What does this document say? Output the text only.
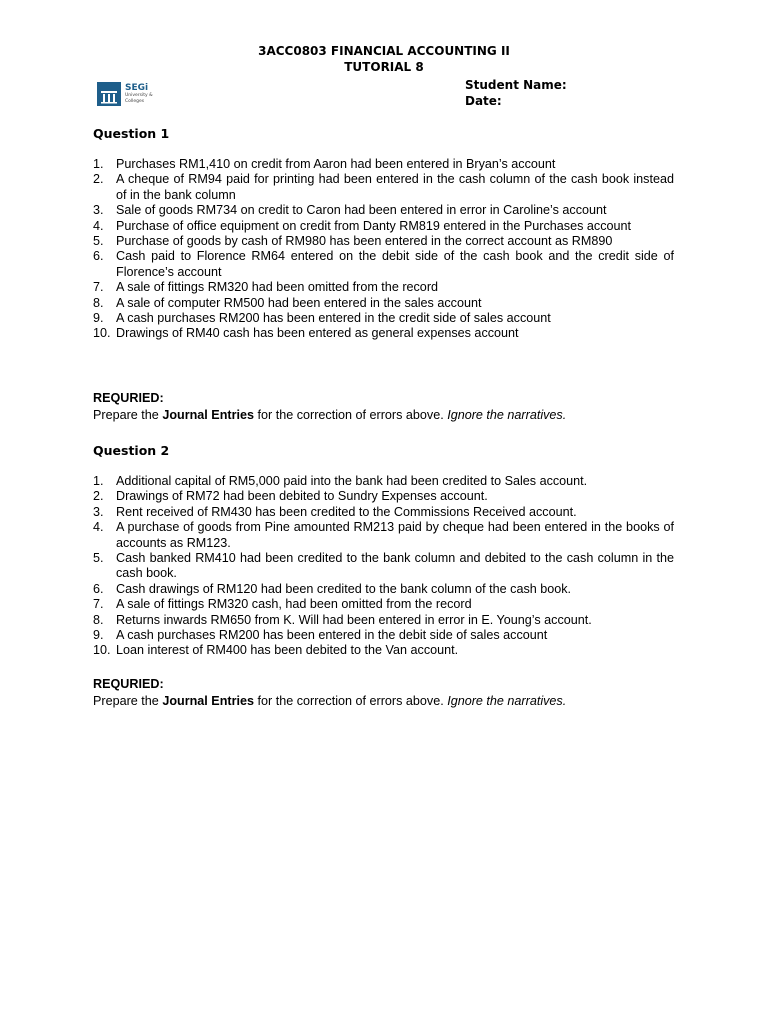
3ACC0803 FINANCIAL ACCOUNTING II
TUTORIAL 8
SEGi
University &
Colleges
Student Name:
Date:
Question 1
1. Purchases RM1,410 on credit from Aaron had been entered in Bryan’s account
2. A cheque of RM94 paid for printing had been entered in the cash column of the cash book instead of in the bank column
3. Sale of goods RM734 on credit to Caron had been entered in error in Caroline’s account
4. Purchase of office equipment on credit from Danty RM819 entered in the Purchases account
5. Purchase of goods by cash of RM980 has been entered in the correct account as RM890
6. Cash paid to Florence RM64 entered on the debit side of the cash book and the credit side of Florence’s account
7. A sale of fittings RM320 had been omitted from the record
8. A sale of computer RM500 had been entered in the sales account
9. A cash purchases RM200 has been entered in the credit side of sales account
10. Drawings of RM40 cash has been entered as general expenses account
REQURIED:
Prepare the Journal Entries for the correction of errors above. Ignore the narratives.
Question 2
1. Additional capital of RM5,000 paid into the bank had been credited to Sales account.
2. Drawings of RM72 had been debited to Sundry Expenses account.
3. Rent received of RM430 has been credited to the Commissions Received account.
4. A purchase of goods from Pine amounted RM213 paid by cheque had been entered in the books of accounts as RM123.
5. Cash banked RM410 had been credited to the bank column and debited to the cash column in the cash book.
6. Cash drawings of RM120 had been credited to the bank column of the cash book.
7. A sale of fittings RM320 cash, had been omitted from the record
8. Returns inwards RM650 from K. Will had been entered in error in E. Young’s account.
9. A cash purchases RM200 has been entered in the debit side of sales account
10. Loan interest of RM400 has been debited to the Van account.
REQURIED:
Prepare the Journal Entries for the correction of errors above. Ignore the narratives.
